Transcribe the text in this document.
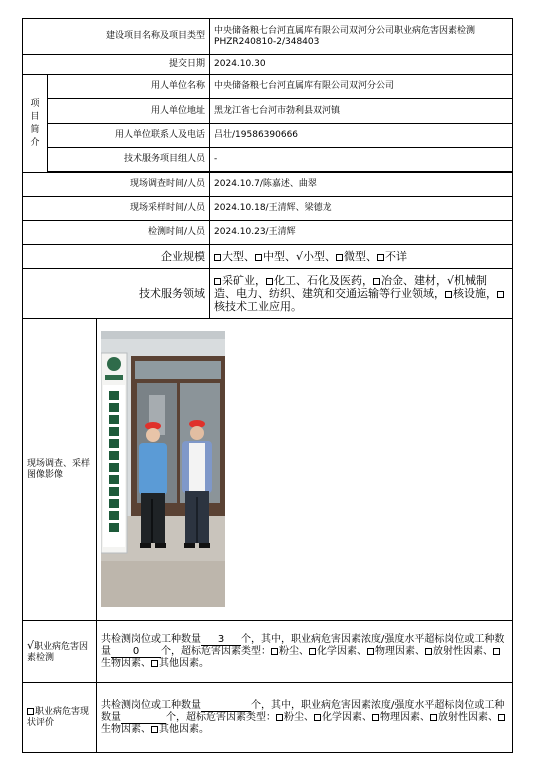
建设项目名称及项目类型			中央储备粮七台河直属库有限公司双河分公司职业病危害因素检测PHZR240810-2/348403
提交日期			2024.10.30
项
目
简
介	用人单位名称		中央储备粮七台河直属库有限公司双河分公司
	用人单位地址		黑龙江省七台河市勃利县双河镇
	用人单位联系人及电话		吕壮/19586390666
	技术服务项目组人员		-

现场调查时间/人员			2024.10.7/陈嘉述、曲翠
现场采样时间/人员			2024.10.18/王清辉、梁德龙
检测时间/人员			2024.10.23/王清辉
企业规模			大型、 中型、√小型、 微型、 不详
技术服务领域			采矿业， 化工、石化及医药， 冶金、建材，√机械制造、电力、纺织、建筑和交通运输等行业领域， 核设施，核技术工业应用。
现场调查、采样图像影像	

√职业病危害因素检测		共检测岗位或工种数量 3 个，其中，职业病危害因素浓度/强度水平超标岗位或工种数量 0 个，超标危害因素类型： 粉尘、 化学因素、 物理因素、 放射性因素、生物因素、 其他因素。	
职业病危害现状评价		共检测岗位或工种数量 个，其中，职业病危害因素浓度/强度水平超标岗位或工种数量 个，超标危害因素类型： 粉尘、 化学因素、 物理因素、 放射性因素、生物因素、 其他因素。	
